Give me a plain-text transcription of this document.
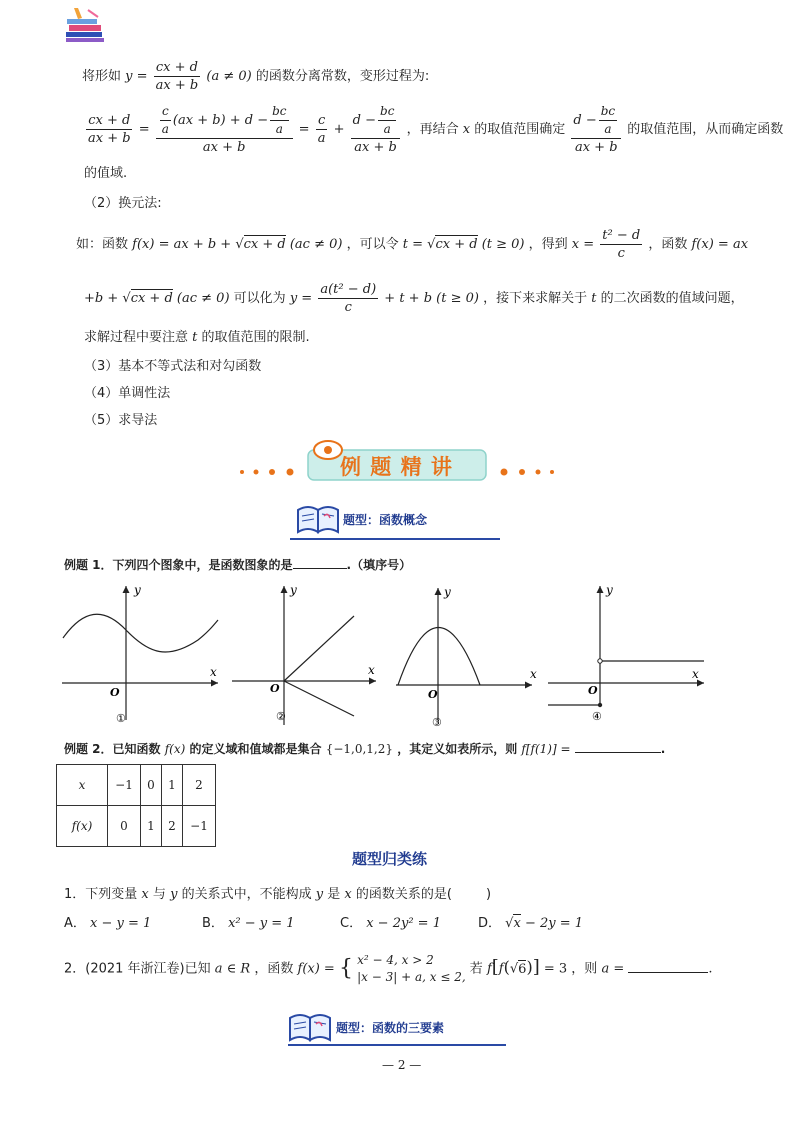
将形如 $y = \frac{cx + d}{ax + b} (a \ne 0)$ 的函数分离常数，变形过程为:
$\frac{cx + d}{ax + b} = \frac{\frac{c}{a} (ax + b) + d - \frac{bc}{a}}{ax + b} = \frac{c}{a} + \frac{d - \frac{bc}{a}}{ax + b}$ ，再结合 x 的取值范围确定 $\frac{d - \frac{bc}{a}}{ax + b}$ 的取值范围，从而确定函数
的值域.
（2）换元法:
如：函数 f(x) = ax + b + √cx + d (ac ≠ 0) ，可以令 t = √cx + d (t ≥ 0) ，得到 $x = \frac{\text{t² − d}}{c}$ ，函数 f(x) = ax
+b + √cx + d (ac ≠ 0) 可以化为 $y = \frac{\text{a(t² − d)}}{c} + t + b$ (t ≥ 0) ，接下来求解关于 t 的二次函数的值域问题，
求解过程中要注意 t 的取值范围的限制.
（3）基本不等式法和对勾函数
（4）单调性法
（5）求导法
例 题 精 讲
题型：函数概念
例题 1．下列四个图象中，是函数图象的是	.（填序号）
y
x
O
①
y
x
O
②
y
x
O
③
y
x
O
④
例题 2．已知函数 f(x) 的定义域和值域都是集合 {−1,0,1,2} ，其定义如表所示，则 f[f(1)] =	.
x	−1	0	1	2
f(x)	0	1	2	−1
题型归类练
1．下列变量 x 与 y 的关系式中，不能构成 y 是 x 的函数关系的是(	)
A． x − y = 1	B． x² − y = 1	C． x − 2y² = 1	D． √x − 2y = 1
2．(2021 年浙江卷)已知 a ∈ R ，函数 f(x) = { x² − 4, x > 2
|x − 3| + a, x ≤ 2,
若 f[f(√6)] = 3 ，则 a =	.
题型：函数的三要素
— 2 —
